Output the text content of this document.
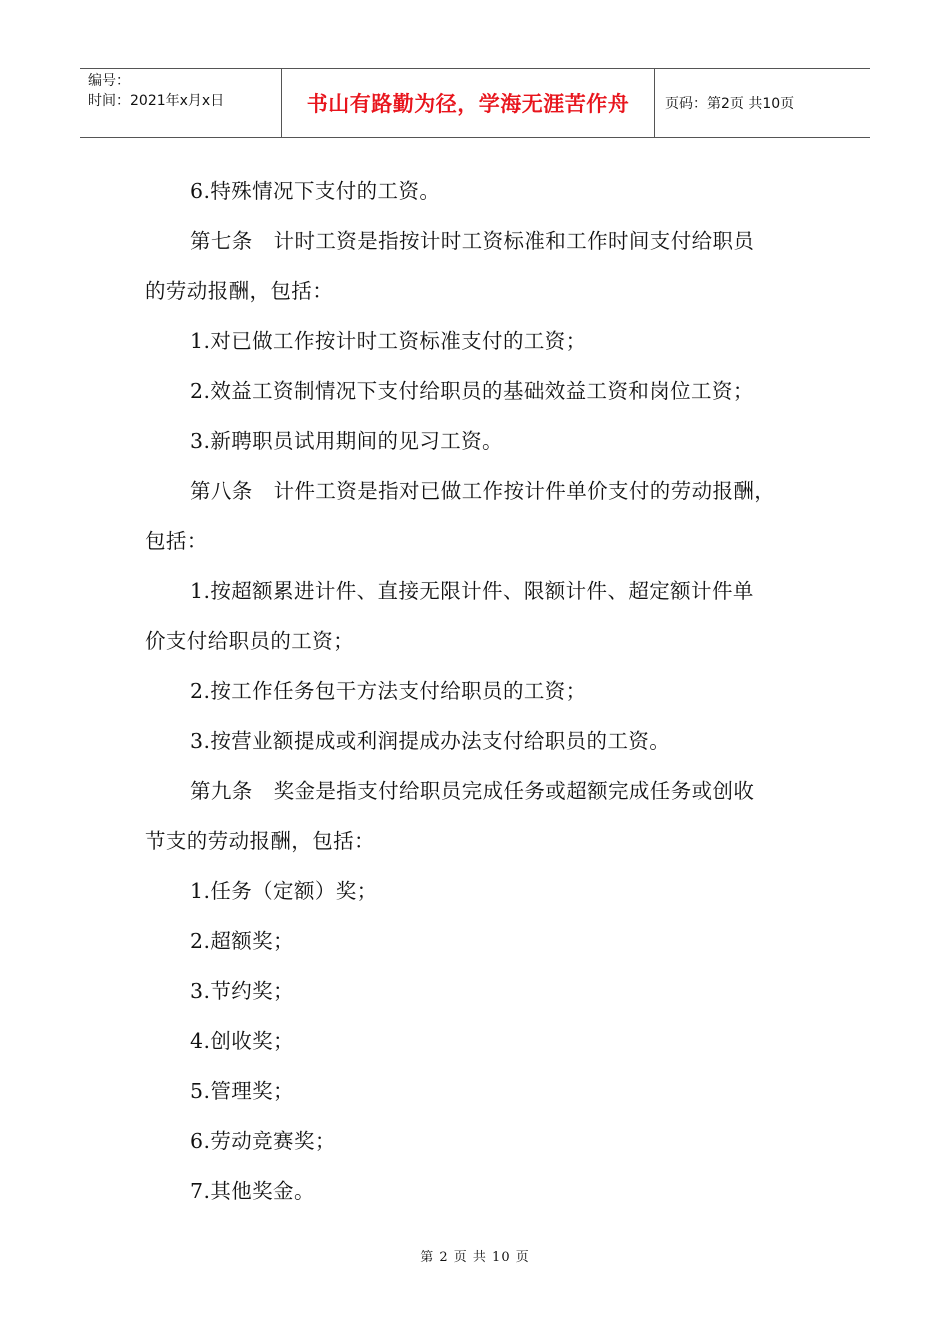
编号：
时间：2021年x月x日	书山有路勤为径，学海无涯苦作舟	页码：第2页 共10页
6.特殊情况下支付的工资。
第七条　计时工资是指按计时工资标准和工作时间支付给职员
的劳动报酬，包括：
1.对已做工作按计时工资标准支付的工资；
2.效益工资制情况下支付给职员的基础效益工资和岗位工资；
3.新聘职员试用期间的见习工资。
第八条　计件工资是指对已做工作按计件单价支付的劳动报酬，
包括：
1.按超额累进计件、直接无限计件、限额计件、超定额计件单
价支付给职员的工资；
2.按工作任务包干方法支付给职员的工资；
3.按营业额提成或利润提成办法支付给职员的工资。
第九条　奖金是指支付给职员完成任务或超额完成任务或创收
节支的劳动报酬，包括：
1.任务（定额）奖；
2.超额奖；
3.节约奖；
4.创收奖；
5.管理奖；
6.劳动竞赛奖；
7.其他奖金。
第 2 页 共 10 页
